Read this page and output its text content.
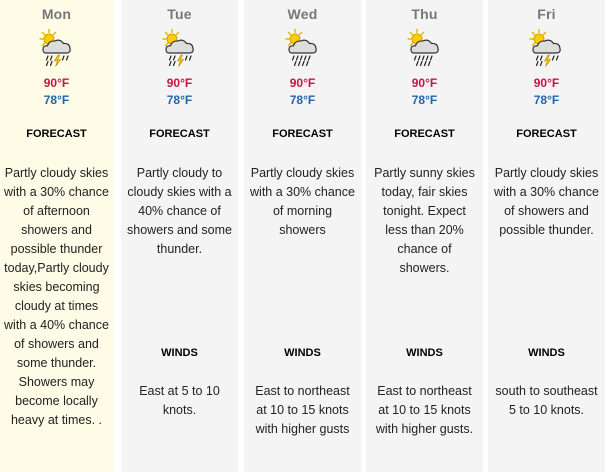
Mon
90°F
78°F
FORECAST
Partly cloudy skies with a 30% chance of afternoon showers and possible thunder today,Partly cloudy skies becoming cloudy at times with a 40% chance of showers and some thunder. Showers may become locally heavy at times. .
Tue
90°F
78°F
FORECAST
Partly cloudy to cloudy skies with a 40% chance of showers and some thunder.
WINDS
East at 5 to 10 knots.
Wed
90°F
78°F
FORECAST
Partly cloudy skies with a 30% chance of morning showers
WINDS
East to northeast at 10 to 15 knots with higher gusts
Thu
90°F
78°F
FORECAST
Partly sunny skies today, fair skies tonight. Expect less than 20% chance of showers.
WINDS
East to northeast at 10 to 15 knots with higher gusts.
Fri
90°F
78°F
FORECAST
Partly cloudy skies with a 30% chance of showers and possible thunder.
WINDS
south to southeast 5 to 10 knots.
